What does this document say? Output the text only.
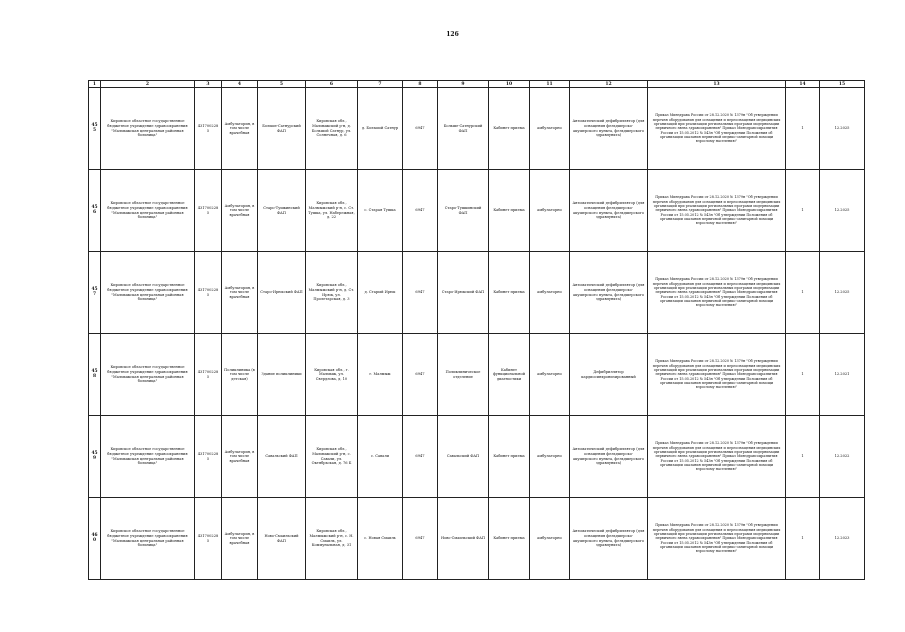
126
1	2	3	4	5	6	7	8	9	10	11	12	13	14	15
455	Кировское областное государственное бюджетное учреждение здравоохранения "Малмыжская центральная районная больница"	4317002285	Амбулатория, в том числе врачебная	Больше-Сатнурский ФАП	Кировская обл., Малмыжский р-н, д. Большой Сатнур, ул. Солнечная, д. 6	д. Большой Сатнур	6947	Больше-Сатнурский ФАП	Кабинет приема	амбулаторно	Автоматический дефибриллятор (для оснащения фельдшерско-акушерского пункта, фельдшерского здравпункта)	Приказ Минздрава России от 28.12.2020 № 1379н "Об утверждении перечня оборудования для оснащения и переоснащения медицинских организаций при реализации региональных программ модернизации первичного звена здравоохранения" Приказ Минздравсоцразвития России от 15.05.2012 № 543н "Об утверждении Положения об организации оказания первичной медико-санитарной помощи взрослому населению"	1	12.2025
456	Кировское областное государственное бюджетное учреждение здравоохранения "Малмыжская центральная районная больница"	4317002285	Амбулатория, в том числе врачебная	Старо-Тушкинский ФАП	Кировская обл., Малмыжский р-н, с. Ст. Тушка, ул. Набережная, д. 22	с. Старая Тушка	6947	Старо-Тушкинский ФАП	Кабинет приема	амбулаторно	Автоматический дефибриллятор (для оснащения фельдшерско-акушерского пункта, фельдшерского здравпункта)	Приказ Минздрава России от 28.12.2020 № 1379н "Об утверждении перечня оборудования для оснащения и переоснащения медицинских организаций при реализации региональных программ модернизации первичного звена здравоохранения" Приказ Минздравсоцразвития России от 15.05.2012 № 543н "Об утверждении Положения об организации оказания первичной медико-санитарной помощи взрослому населению"	1	12.2025
457	Кировское областное государственное бюджетное учреждение здравоохранения "Малмыжская центральная районная больница"	4317002285	Амбулатория, в том числе врачебная	Старо-Ирюкский ФАП	Кировская обл., Малмыжский р-н, д. Ст. Ирюк, ул. Пролетарская, д. 3	д. Старый Ирюк	6947	Старо-Ирюкский ФАП	Кабинет приема	амбулаторно	Автоматический дефибриллятор (для оснащения фельдшерско-акушерского пункта, фельдшерского здравпункта)	Приказ Минздрава России от 28.12.2020 № 1379н "Об утверждении перечня оборудования для оснащения и переоснащения медицинских организаций при реализации региональных программ модернизации первичного звена здравоохранения" Приказ Минздравсоцразвития России от 15.05.2012 № 543н "Об утверждении Положения об организации оказания первичной медико-санитарной помощи взрослому населению"	1	12.2025
458	Кировское областное государственное бюджетное учреждение здравоохранения "Малмыжская центральная районная больница"	4317002285	Поликлиника (в том числе детская)	Здание поликлиники	Кировская обл., г. Малмыж, ул. Свердлова, д. 10	г. Малмыж	6947	Поликлиническое отделение	Кабинет функциональной диагностики	амбулаторно	Дефибриллятор кардиосинхронизированный	Приказ Минздрава России от 28.12.2020 № 1379н "Об утверждении перечня оборудования для оснащения и переоснащения медицинских организаций при реализации региональных программ модернизации первичного звена здравоохранения" Приказ Минздравсоцразвития России от 15.05.2012 № 543н "Об утверждении Положения об организации оказания первичной медико-санитарной помощи взрослому населению"	1	12.2021
459	Кировское областное государственное бюджетное учреждение здравоохранения "Малмыжская центральная районная больница"	4317002285	Амбулатория, в том числе врачебная	Савальский ФАП	Кировская обл., Малмыжский р-н, с. Савали, ул. Октябрьская, д. 76 Б	с. Савали	6947	Савальский ФАП	Кабинет приема	амбулаторно	Автоматический дефибриллятор (для оснащения фельдшерско-акушерского пункта, фельдшерского здравпункта)	Приказ Минздрава России от 28.12.2020 № 1379н "Об утверждении перечня оборудования для оснащения и переоснащения медицинских организаций при реализации региональных программ модернизации первичного звена здравоохранения" Приказ Минздравсоцразвития России от 15.05.2012 № 543н "Об утверждении Положения об организации оказания первичной медико-санитарной помощи взрослому населению"	1	12.2022
460	Кировское областное государственное бюджетное учреждение здравоохранения "Малмыжская центральная районная больница"	4317002285	Амбулатория, в том числе врачебная	Ново-Смаильский ФАП	Кировская обл., Малмыжский р-н, с. Н. Смаиль, ул. Коммунальная, д. 31	с. Новая Смаиль	6947	Ново-Смаильский ФАП	Кабинет приема	амбулаторно	Автоматический дефибриллятор (для оснащения фельдшерско-акушерского пункта, фельдшерского здравпункта)	Приказ Минздрава России от 28.12.2020 № 1379н "Об утверждении перечня оборудования для оснащения и переоснащения медицинских организаций при реализации региональных программ модернизации первичного звена здравоохранения" Приказ Минздравсоцразвития России от 15.05.2012 № 543н "Об утверждении Положения об организации оказания первичной медико-санитарной помощи взрослому населению"	1	12.2023
